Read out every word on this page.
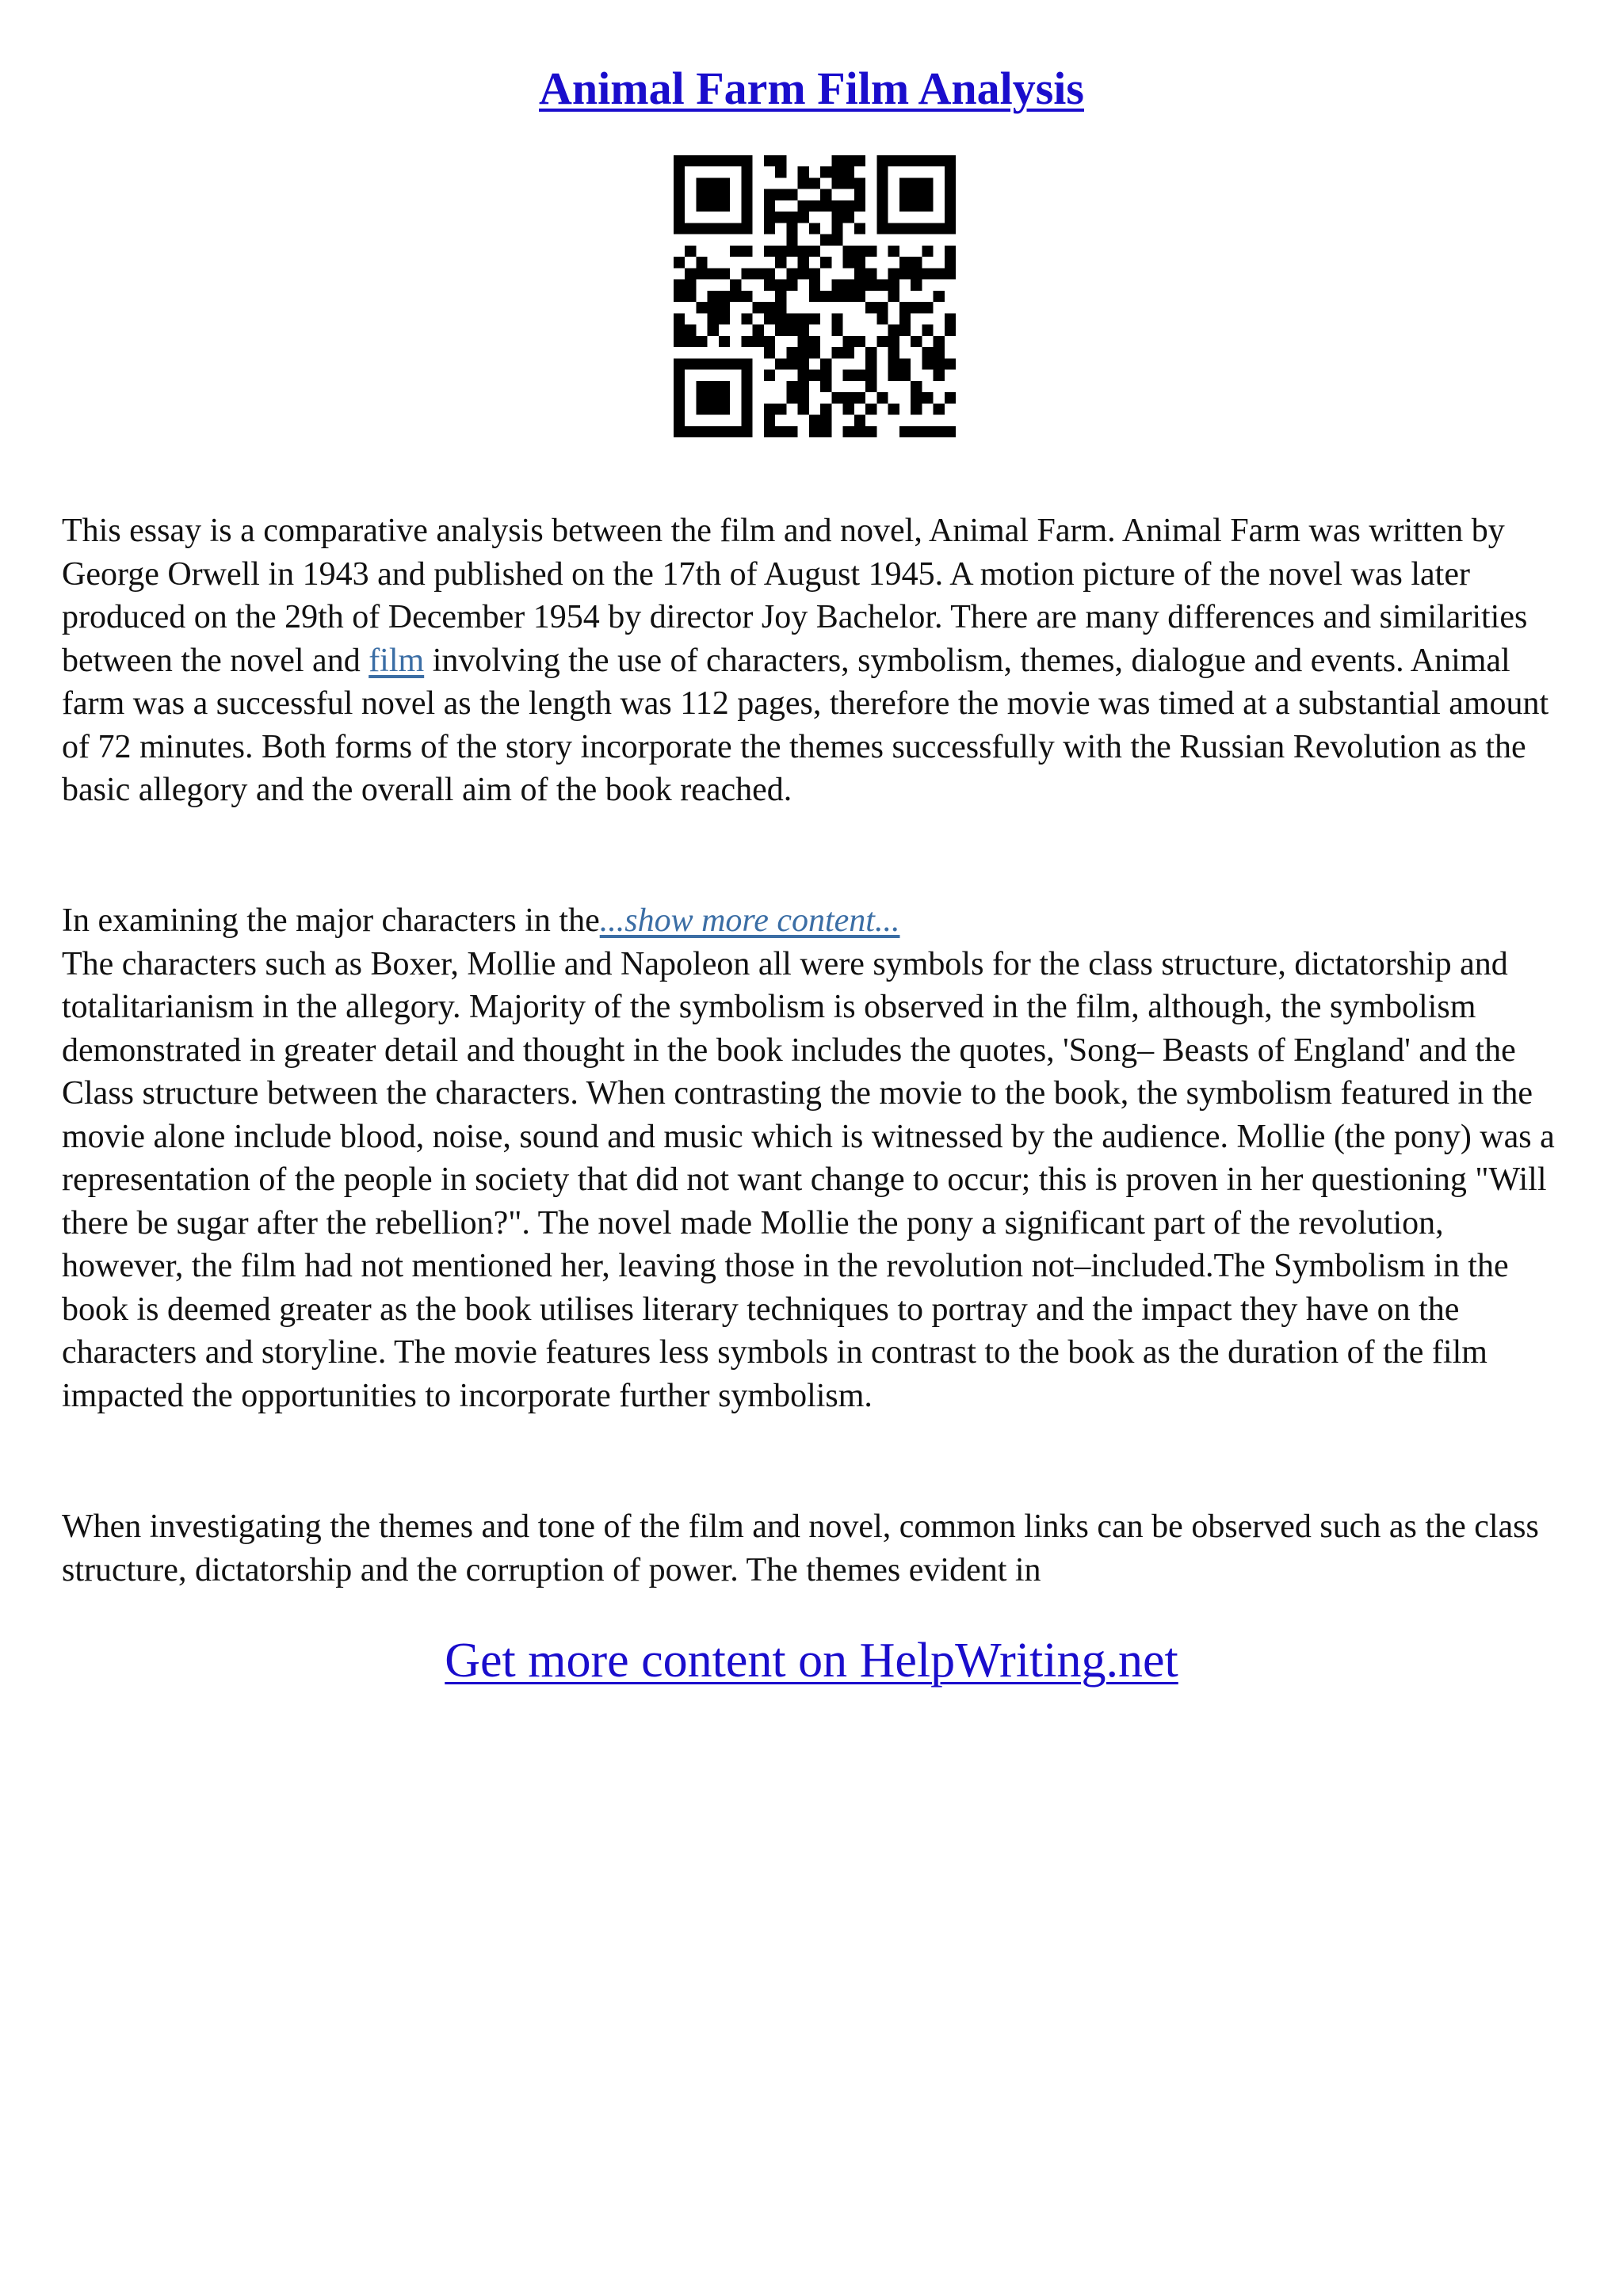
Animal Farm Film Analysis

This essay is a comparative analysis between the film and novel, Animal Farm. Animal Farm was written by George Orwell in 1943 and published on the 17th of August 1945. A motion picture of the novel was later produced on the 29th of December 1954 by director Joy Bachelor. There are many differences and similarities between the novel and film involving the use of characters, symbolism, themes, dialogue and events. Animal farm was a successful novel as the length was 112 pages, therefore the movie was timed at a substantial amount of 72 minutes. Both forms of the story incorporate the themes successfully with the Russian Revolution as the basic allegory and the overall aim of the book reached.

In examining the major characters in the...show more content...
The characters such as Boxer, Mollie and Napoleon all were symbols for the class structure, dictatorship and totalitarianism in the allegory. Majority of the symbolism is observed in the film, although, the symbolism demonstrated in greater detail and thought in the book includes the quotes, 'Song– Beasts of England' and the Class structure between the characters. When contrasting the movie to the book, the symbolism featured in the movie alone include blood, noise, sound and music which is witnessed by the audience. Mollie (the pony) was a representation of the people in society that did not want change to occur; this is proven in her questioning "Will there be sugar after the rebellion?". The novel made Mollie the pony a significant part of the revolution, however, the film had not mentioned her, leaving those in the revolution not–included.The Symbolism in the book is deemed greater as the book utilises literary techniques to portray and the impact they have on the characters and storyline. The movie features less symbols in contrast to the book as the duration of the film impacted the opportunities to incorporate further symbolism.

When investigating the themes and tone of the film and novel, common links can be observed such as the class structure, dictatorship and the corruption of power. The themes evident in

Get more content on HelpWriting.net
